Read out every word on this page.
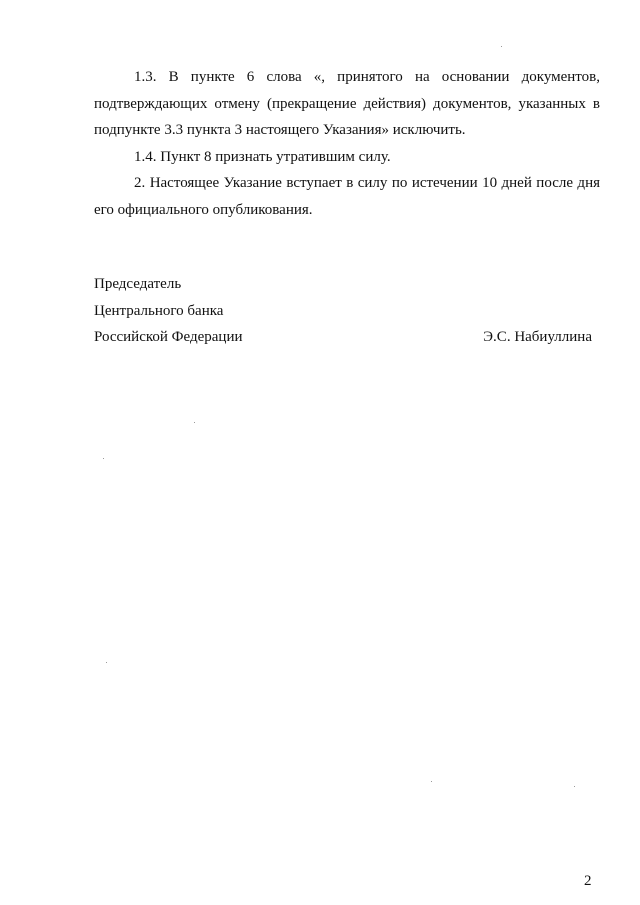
1.3. В пункте 6 слова «, принятого на основании документов, подтверждающих отмену (прекращение действия) документов, указанных в подпункте 3.3 пункта 3 настоящего Указания» исключить.

1.4. Пункт 8 признать утратившим силу.

2. Настоящее Указание вступает в силу по истечении 10 дней после дня его официального опубликования.

Председатель
Центрального банка
Российской Федерации	Э.С. Набиуллина
2
